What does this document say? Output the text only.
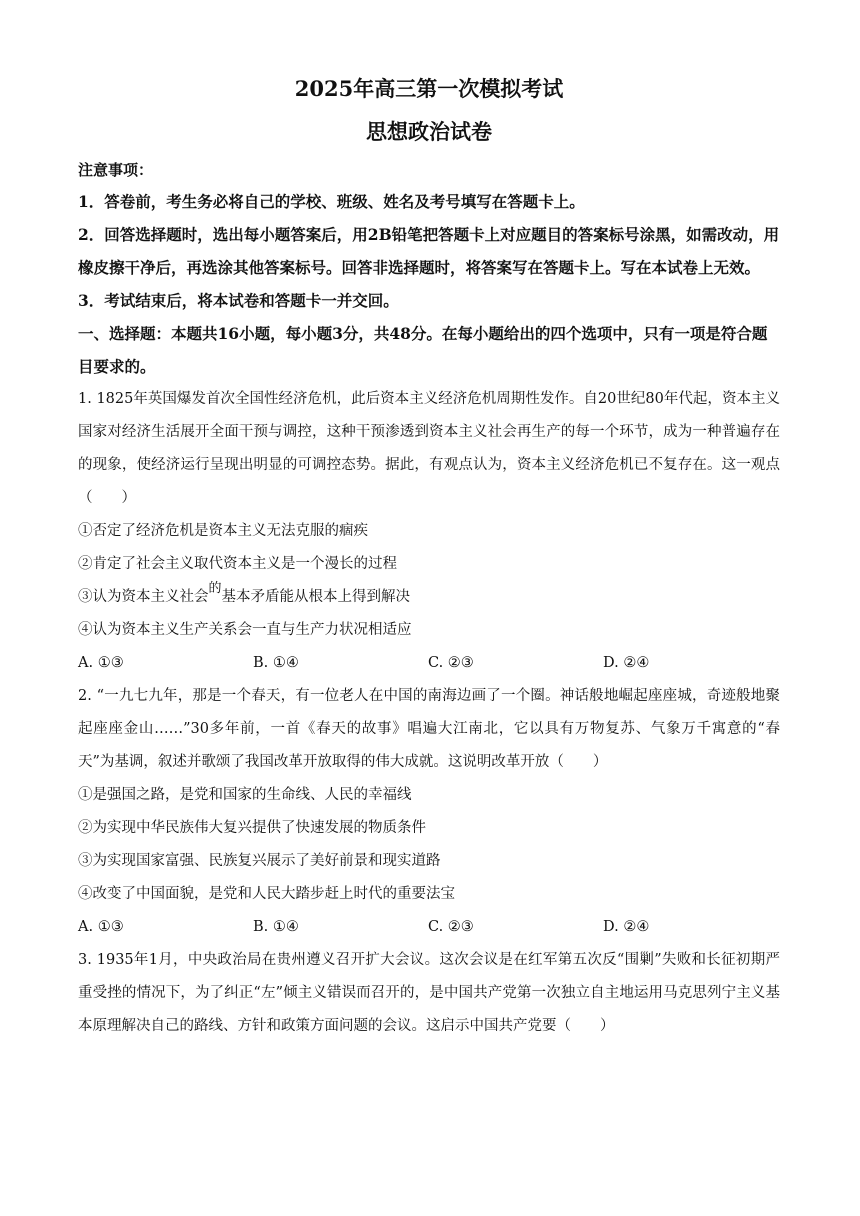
2025年高三第一次模拟考试
思想政治试卷
注意事项：

1．答卷前，考生务必将自己的学校、班级、姓名及考号填写在答题卡上。

2．回答选择题时，选出每小题答案后，用2B铅笔把答题卡上对应题目的答案标号涂黑，如需改动，用橡皮擦干净后，再选涂其他答案标号。回答非选择题时，将答案写在答题卡上。写在本试卷上无效。

3．考试结束后，将本试卷和答题卡一并交回。

一、选择题：本题共16小题，每小题3分，共48分。在每小题给出的四个选项中，只有一项是符合题目要求的。

1. 1825年英国爆发首次全国性经济危机，此后资本主义经济危机周期性发作。自20世纪80年代起，资本主义国家对经济生活展开全面干预与调控，这种干预渗透到资本主义社会再生产的每一个环节，成为一种普遍存在的现象，使经济运行呈现出明显的可调控态势。据此，有观点认为，资本主义经济危机已不复存在。这一观点（　　）

①否定了经济危机是资本主义无法克服的痼疾
②肯定了社会主义取代资本主义是一个漫长的过程
③认为资本主义社会的基本矛盾能从根本上得到解决
④认为资本主义生产关系会一直与生产力状况相适应
A. ①③	B. ①④	C. ②③	D. ②④

2. “一九七九年，那是一个春天，有一位老人在中国的南海边画了一个圈。神话般地崛起座座城，奇迹般地聚起座座金山……”30多年前，一首《春天的故事》唱遍大江南北，它以具有万物复苏、气象万千寓意的“春天”为基调，叙述并歌颂了我国改革开放取得的伟大成就。这说明改革开放（　　）

①是强国之路，是党和国家的生命线、人民的幸福线
②为实现中华民族伟大复兴提供了快速发展的物质条件
③为实现国家富强、民族复兴展示了美好前景和现实道路
④改变了中国面貌，是党和人民大踏步赶上时代的重要法宝
A. ①③	B. ①④	C. ②③	D. ②④

3. 1935年1月，中央政治局在贵州遵义召开扩大会议。这次会议是在红军第五次反“围剿”失败和长征初期严重受挫的情况下，为了纠正“左”倾主义错误而召开的，是中国共产党第一次独立自主地运用马克思列宁主义基本原理解决自己的路线、方针和政策方面问题的会议。这启示中国共产党要（　　）
